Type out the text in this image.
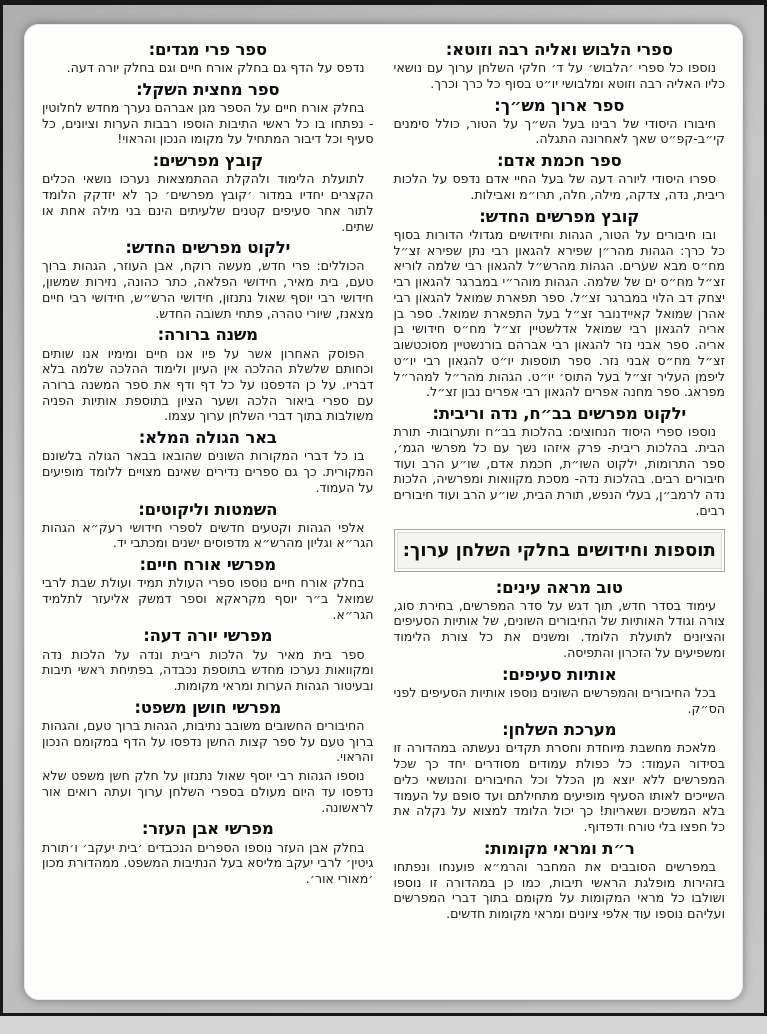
ספרי הלבוש ואליה רבה וזוטא:

נוספו כל ספרי ׳הלבוש׳ על ד׳ חלקי השלחן ערוך עם נושאי כליו האליה רבה וזוטא ומלבושי יו״ט בסוף כל כרך וכרך.

ספר ארוך מש״ך:

חיבורו היסודי של רבינו בעל הש״ך על הטור, כולל סימנים קי״ב-קפ״ט שאך לאחרונה התגלה.

ספר חכמת אדם:

ספרו היסודי ליורה דעה של בעל החיי אדם נדפס על הלכות ריבית, נדה, צדקה, מילה, חלה, תרו״מ ואבילות.

קובץ מפרשים החדש:

ובו חיבורים על הטור, הגהות וחידושים מגדולי הדורות בסוף כל כרך: הגהות מהר״ן שפירא להגאון רבי נתן שפירא זצ״ל מח״ס מבא שערים. הגהות מהרש״ל להגאון רבי שלמה לוריא זצ״ל מח״ס ים של שלמה. הגהות מוהר״י במברגר להגאון רבי יצחק דב הלוי במברגר זצ״ל. ספר תפארת שמואל להגאון רבי אהרן שמואל קאיידנובר זצ״ל בעל התפארת שמואל. ספר בן אריה להגאון רבי שמואל אדלשטיין זצ״ל מח״ס חידושי בן אריה. ספר אבני נזר להגאון רבי אברהם בורנשטיין מסוכטשוב זצ״ל מח״ס אבני נזר. ספר תוספות יו״ט להגאון רבי יו״ט ליפמן העליר זצ״ל בעל התוס׳ יו״ט. הגהות מהר״ל למהר״ל מפראג. ספר מחנה אפרים להגאון רבי אפרים נבון זצ״ל.

ילקוט מפרשים בב״ח, נדה וריבית:

נוספו ספרי היסוד הנחוצים: בהלכות בב״ח ותערובות- תורת הבית. בהלכות ריבית- פרק איזהו נשך עם כל מפרשי הגמ׳, ספר התרומות, ילקוט השו״ת, חכמת אדם, שו״ע הרב ועוד חיבורים רבים. בהלכות נדה- מסכת מקוואות ומפרשיה, הלכות נדה לרמב״ן, בעלי הנפש, תורת הבית, שו״ע הרב ועוד חיבורים רבים.

תוספות וחידושים בחלקי השלחן ערוך:
טוב מראה עינים:

עימוד בסדר חדש, תוך דגש על סדר המפרשים, בחירת סוג, צורה וגודל האותיות של החיבורים השונים, של אותיות הסעיפים והציונים לתועלת הלומד. ומשנים את כל צורת הלימוד ומשפיעים על הזכרון והתפיסה.

אותיות סעיפים:

בכל החיבורים והמפרשים השונים נוספו אותיות הסעיפים לפני הס״ק.

מערכת השלחן:

מלאכת מחשבת מיוחדת וחסרת תקדים נעשתה במהדורה זו בסידור העמוד: כל כפולת עמודים מסודרים יחד כך שכל המפרשים ללא יוצא מן הכלל וכל החיבורים והנושאי כלים השייכים לאותו הסעיף מופיעים מתחילתם ועד סופם על העמוד בלא המשכים ושאריות! כך יכול הלומד למצוא על נקלה את כל חפצו בלי טורח ודפדוף.

ר״ת ומראי מקומות:

במפרשים הסובבים את המחבר והרמ״א פוענחו ונפתחו בזהירות מופלגת הראשי תיבות, כמו כן במהדורה זו נוספו ושולבו כל מראי המקומות על מקומם בתוך דברי המפרשים ועליהם נוספו עוד אלפי ציונים ומראי מקומות חדשים.

ספר פרי מגדים:

נדפס על הדף גם בחלק אורח חיים וגם בחלק יורה דעה.

ספר מחצית השקל:

בחלק אורח חיים על הספר מגן אברהם נערך מחדש לחלוטין - נפתחו בו כל ראשי התיבות הוספו רבבות הערות וציונים, כל סעיף וכל דיבור המתחיל על מקומו הנכון והראוי!

קובץ מפרשים:

לתועלת הלימוד ולהקלת ההתמצאות נערכו נושאי הכלים הקצרים יחדיו במדור ׳קובץ מפרשים׳ כך לא יזדקק הלומד לתור אחר סעיפים קטנים שלעיתים הינם בני מילה אחת או שתים.

ילקוט מפרשים החדש:

הכוללים: פרי חדש, מעשה רוקח, אבן העוזר, הגהות ברוך טעם, בית מאיר, חידושי הפלאה, כתר כהונה, נזירות שמשון, חידושי רבי יוסף שאול נתנזון, חידושי הרש״ש, חידושי רבי חיים מצאנז, שיורי טהרה, פתחי תשובה החדש.

משנה ברורה:

הפוסק האחרון אשר על פיו אנו חיים ומימיו אנו שותים וכחותם שלשלת ההלכה אין העיון ולימוד ההלכה שלמה בלא דבריו. על כן הדפסנו על כל דף ודף את ספר המשנה ברורה עם ספרי ביאור הלכה ושער הציון בתוספת אותיות הפניה משולבות בתוך דברי השלחן ערוך עצמו.

באר הגולה המלא:

בו כל דברי המקורות השונים שהובאו בבאר הגולה בלשונם המקורית. כך גם ספרים נדירים שאינם מצויים ללומד מופיעים על העמוד.

השמטות וליקוטים:

אלפי הגהות וקטעים חדשים לספרי חידושי רעק״א הגהות הגר״א וגליון מהרש״א מדפוסים ישנים ומכתבי יד.

מפרשי אורח חיים:

בחלק אורח חיים נוספו ספרי העולת תמיד ועולת שבת לרבי שמואל ב״ר יוסף מקראקא וספר דמשק אליעזר לתלמיד הגר״א.

מפרשי יורה דעה:

ספר בית מאיר על הלכות ריבית ונדה על הלכות נדה ומקוואות נערכו מחדש בתוספת נכבדה, בפתיחת ראשי תיבות ובעיטור הגהות הערות ומראי מקומות.

מפרשי חושן משפט:

החיבורים החשובים משובב נתיבות, הגהות ברוך טעם, והגהות ברוך טעם על ספר קצות החשן נדפסו על הדף במקומם הנכון והראוי.

נוספו הגהות רבי יוסף שאול נתנזון על חלק חשן משפט שלא נדפסו עד היום מעולם בספרי השלחן ערוך ועתה רואים אור לראשונה.

מפרשי אבן העזר:

בחלק אבן העזר נוספו הספרים הנכבדים ׳בית יעקב׳ ו׳תורת גיטין׳ לרבי יעקב מליסא בעל הנתיבות המשפט. ממהדורת מכון ׳מאורי אור׳.
